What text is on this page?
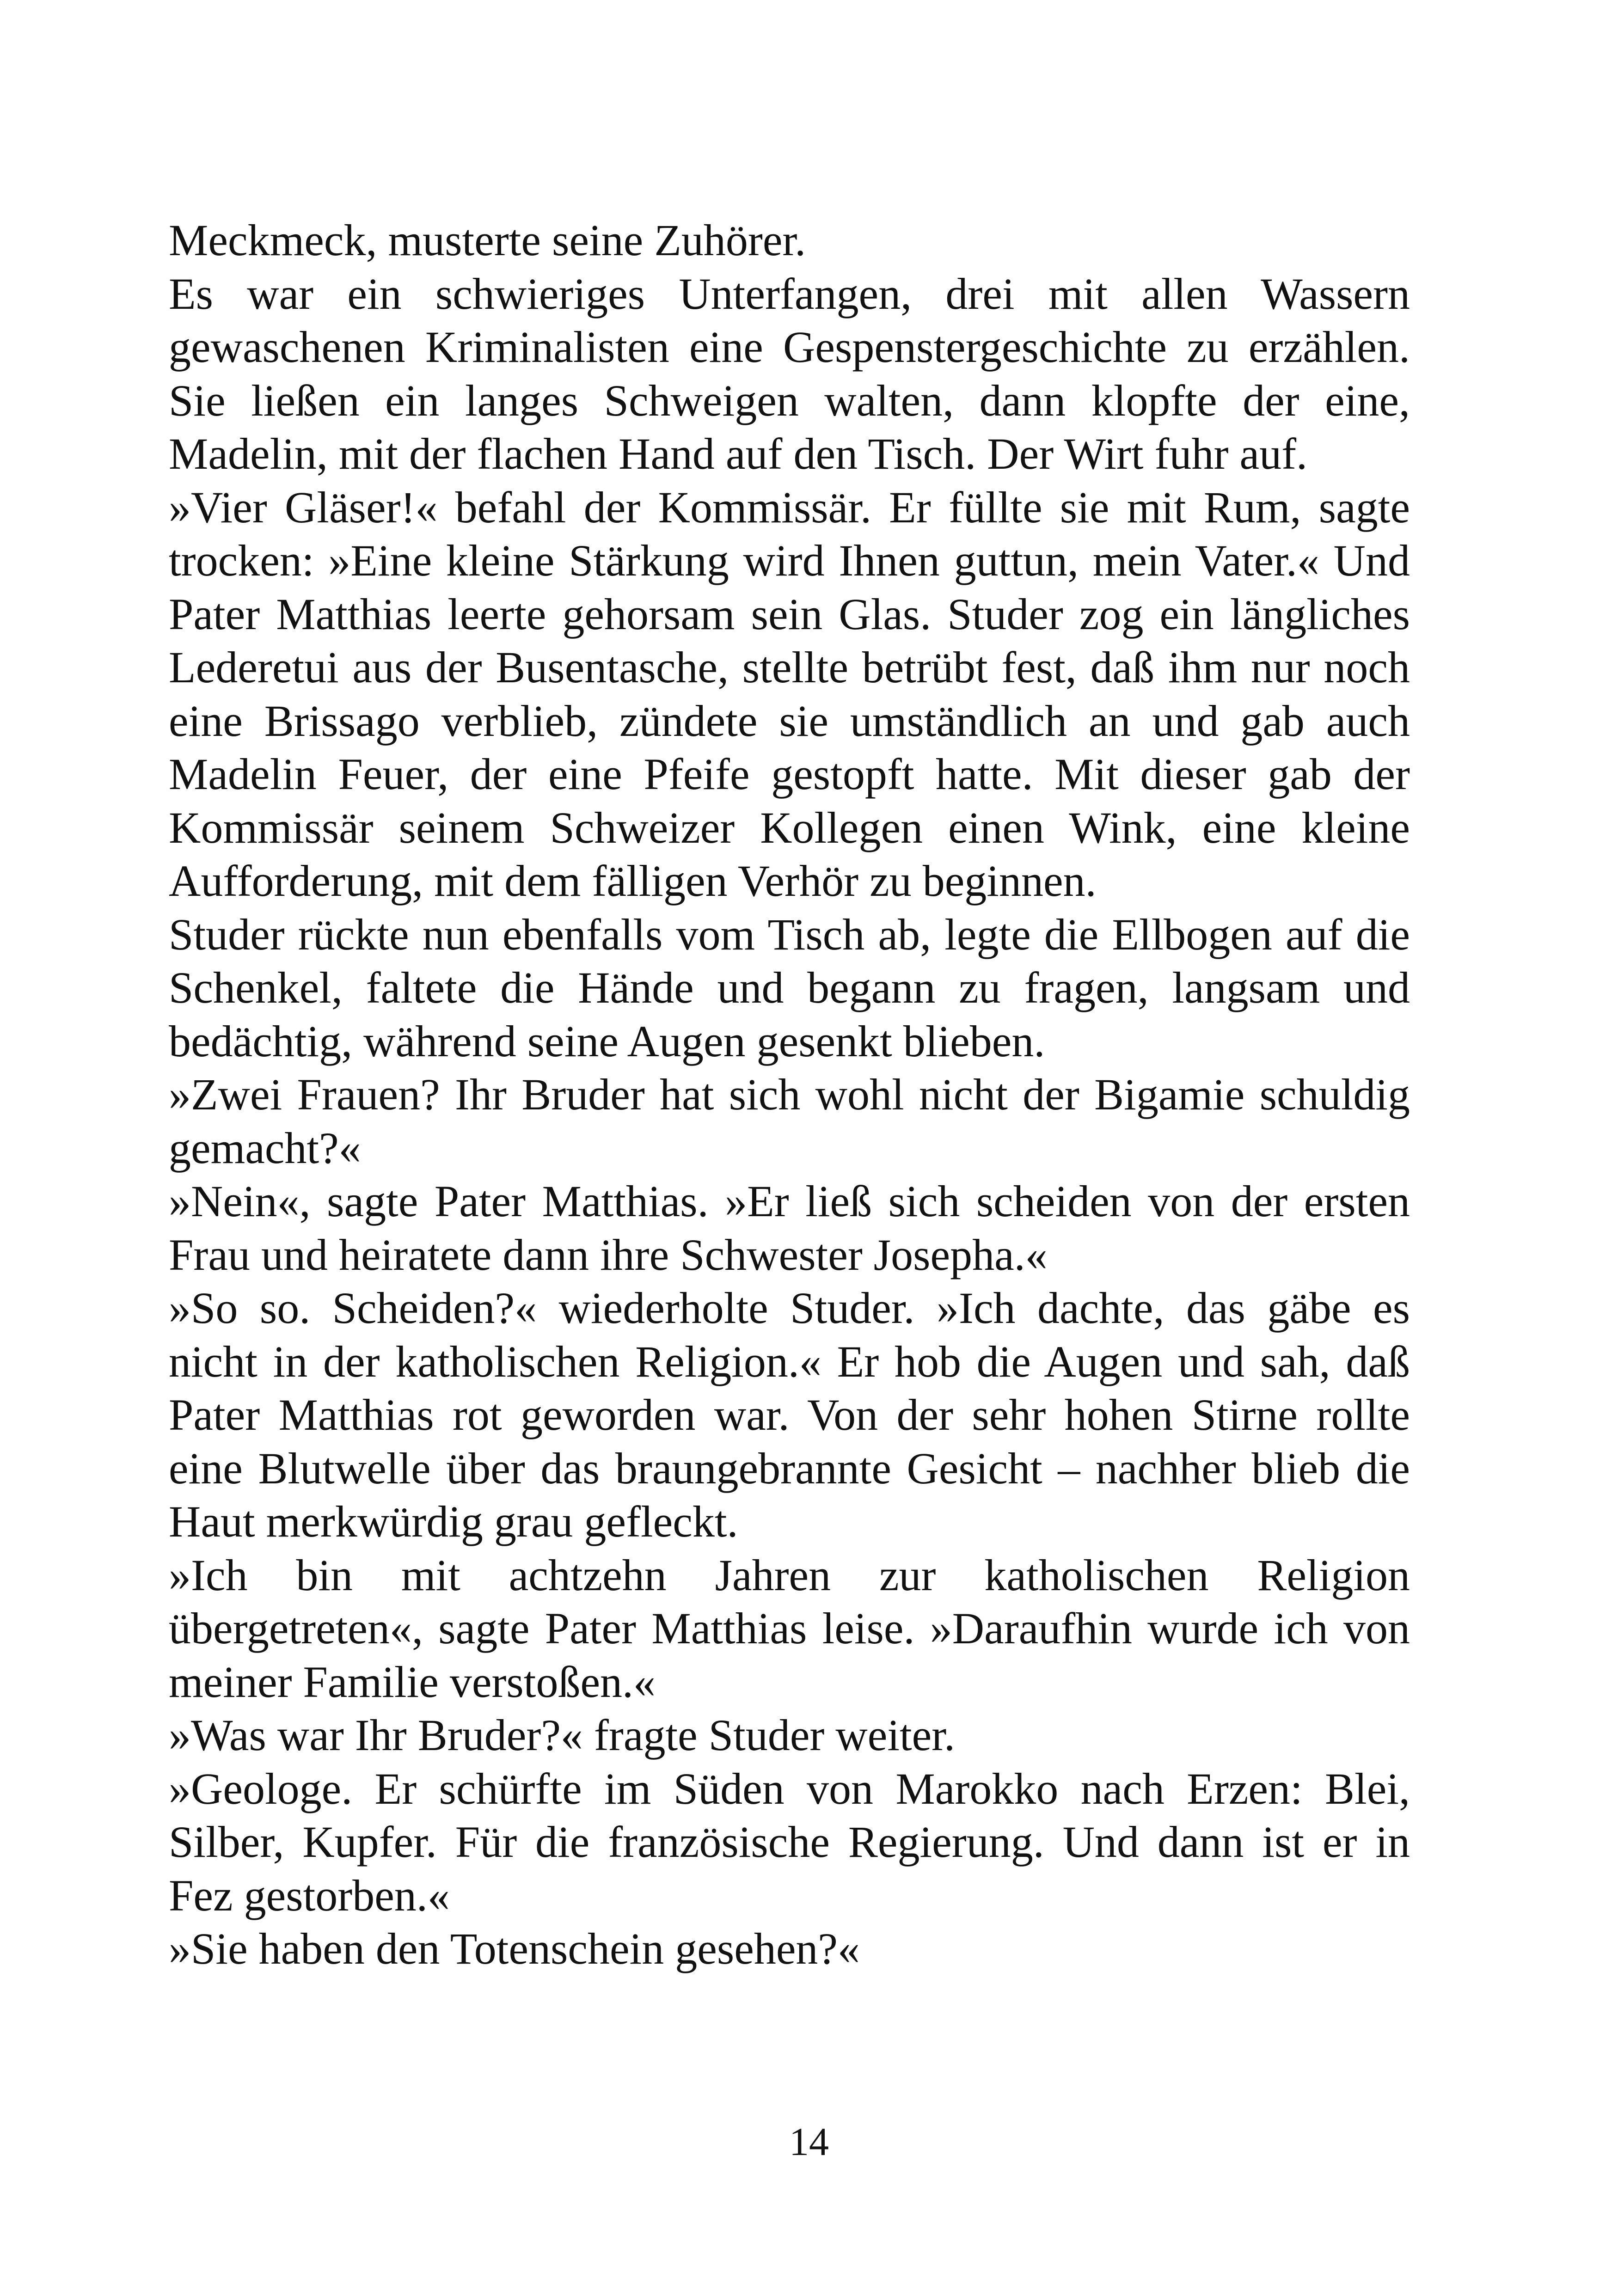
Meckmeck, musterte seine Zuhörer.

Es war ein schwieriges Unterfangen, drei mit allen Wassern gewaschenen Kriminalisten eine Gespenstergeschichte zu erzählen. Sie ließen ein langes Schweigen walten, dann klopfte der eine, Madelin, mit der flachen Hand auf den Tisch. Der Wirt fuhr auf.

»Vier Gläser!« befahl der Kommissär. Er füllte sie mit Rum, sagte trocken: »Eine kleine Stärkung wird Ihnen guttun, mein Vater.« Und Pater Matthias leerte gehorsam sein Glas. Studer zog ein längliches Lederetui aus der Busentasche, stellte betrübt fest, daß ihm nur noch eine Brissago verblieb, zündete sie umständlich an und gab auch Madelin Feuer, der eine Pfeife gestopft hatte. Mit dieser gab der Kommissär seinem Schweizer Kollegen einen Wink, eine kleine Aufforderung, mit dem fälligen Verhör zu beginnen.

Studer rückte nun ebenfalls vom Tisch ab, legte die Ellbogen auf die Schenkel, faltete die Hände und begann zu fragen, langsam und bedächtig, während seine Augen gesenkt blieben.

»Zwei Frauen? Ihr Bruder hat sich wohl nicht der Bigamie schuldig gemacht?«

»Nein«, sagte Pater Matthias. »Er ließ sich scheiden von der ersten Frau und heiratete dann ihre Schwester Josepha.«

»So so. Scheiden?« wiederholte Studer. »Ich dachte, das gäbe es nicht in der katholischen Religion.« Er hob die Augen und sah, daß Pater Matthias rot geworden war. Von der sehr hohen Stirne rollte eine Blutwelle über das braungebrannte Gesicht – nachher blieb die Haut merkwürdig grau gefleckt.

»Ich bin mit achtzehn Jahren zur katholischen Religion übergetreten«, sagte Pater Matthias leise. »Daraufhin wurde ich von meiner Familie verstoßen.«

»Was war Ihr Bruder?« fragte Studer weiter.

»Geologe. Er schürfte im Süden von Marokko nach Erzen: Blei, Silber, Kupfer. Für die französische Regierung. Und dann ist er in Fez gestorben.«

»Sie haben den Totenschein gesehen?«

14
